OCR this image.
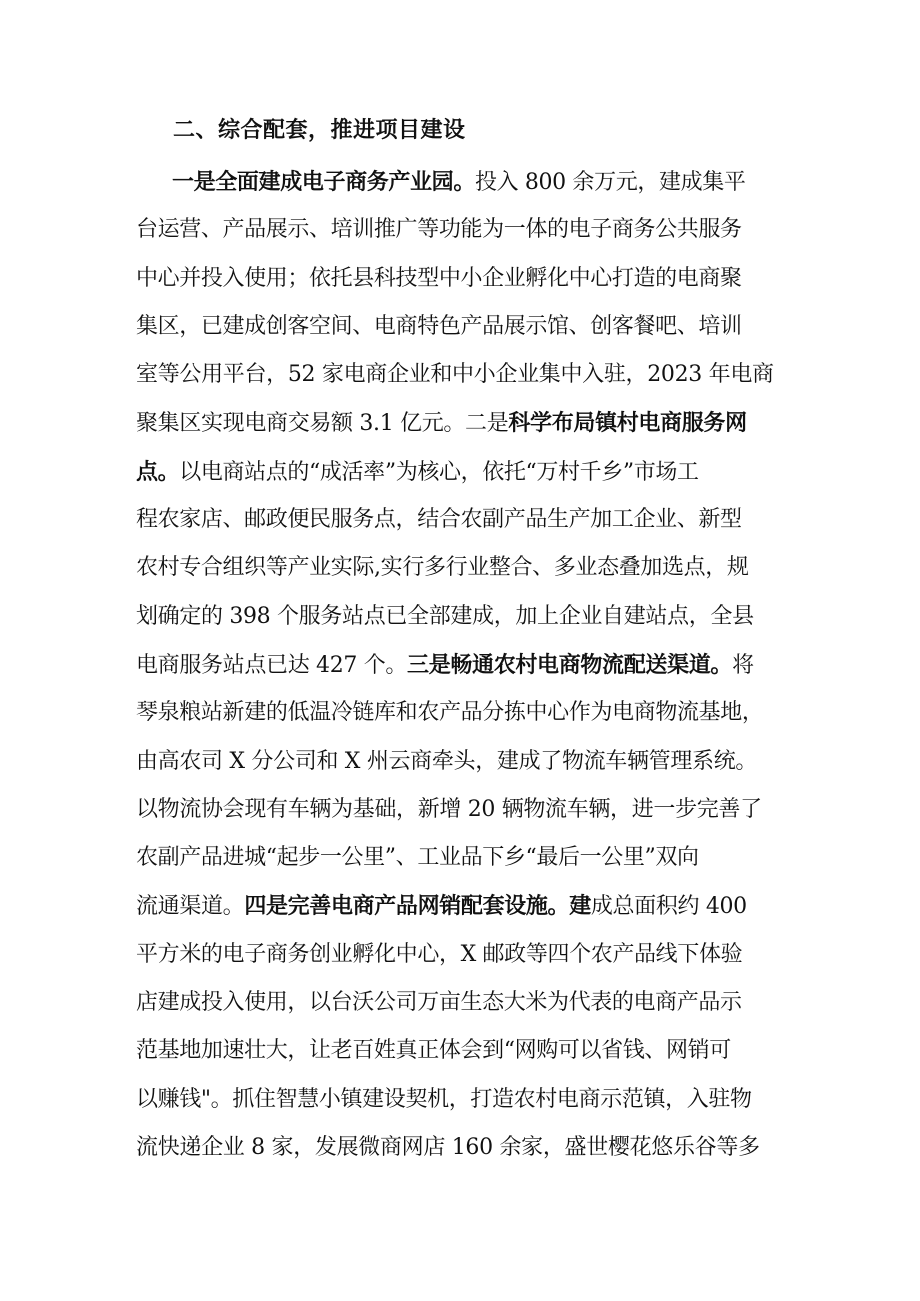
二、综合配套，推进项目建设
一是全面建成电子商务产业园。投入 800 余万元，建成集平
台运营、产品展示、培训推广等功能为一体的电子商务公共服务
中心并投入使用；依托县科技型中小企业孵化中心打造的电商聚
集区，已建成创客空间、电商特色产品展示馆、创客餐吧、培训
室等公用平台，52 家电商企业和中小企业集中入驻，2023 年电商
聚集区实现电商交易额 3.1 亿元。二是科学布局镇村电商服务网
点。以电商站点的“成活率”为核心，依托“万村千乡”市场工
程农家店、邮政便民服务点，结合农副产品生产加工企业、新型
农村专合组织等产业实际,实行多行业整合、多业态叠加选点，规
划确定的 398 个服务站点已全部建成，加上企业自建站点，全县
电商服务站点已达 427 个。三是畅通农村电商物流配送渠道。将
琴泉粮站新建的低温冷链库和农产品分拣中心作为电商物流基地，
由高农司 X 分公司和 X 州云商牵头，建成了物流车辆管理系统。
以物流协会现有车辆为基础，新增 20 辆物流车辆，进一步完善了
农副产品进城“起步一公里”、工业品下乡“最后一公里”双向
流通渠道。四是完善电商产品网销配套设施。建成总面积约 400
平方米的电子商务创业孵化中心，X 邮政等四个农产品线下体验
店建成投入使用，以台沃公司万亩生态大米为代表的电商产品示
范基地加速壮大，让老百姓真正体会到“网购可以省钱、网销可
以赚钱"。抓住智慧小镇建设契机，打造农村电商示范镇，入驻物
流快递企业 8 家，发展微商网店 160 余家，盛世樱花悠乐谷等多
